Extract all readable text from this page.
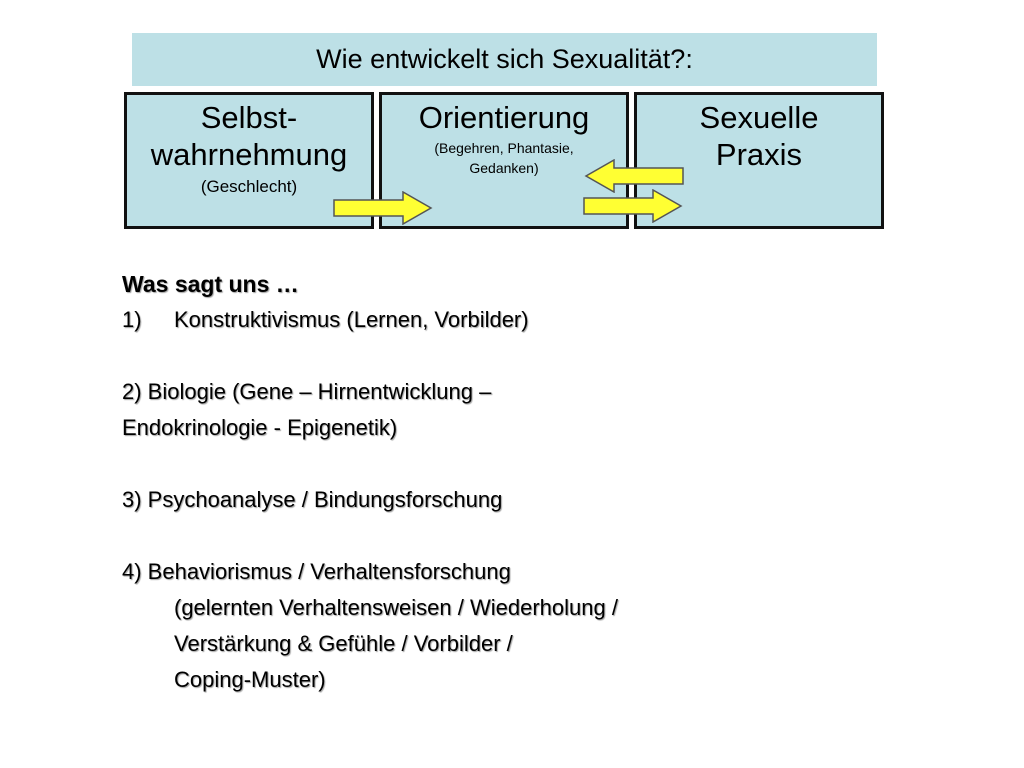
Wie entwickelt sich Sexualität?:
Selbst-
wahrnehmung
(Geschlecht)
Orientierung
(Begehren, Phantasie,
Gedanken)
Sexuelle
Praxis
Was sagt uns …
1) Konstruktivismus (Lernen, Vorbilder)
2) Biologie (Gene – Hirnentwicklung –
Endokrinologie - Epigenetik)
3) Psychoanalyse / Bindungsforschung
4) Behaviorismus / Verhaltensforschung
(gelernten Verhaltensweisen / Wiederholung /
Verstärkung & Gefühle / Vorbilder /
Coping-Muster)
